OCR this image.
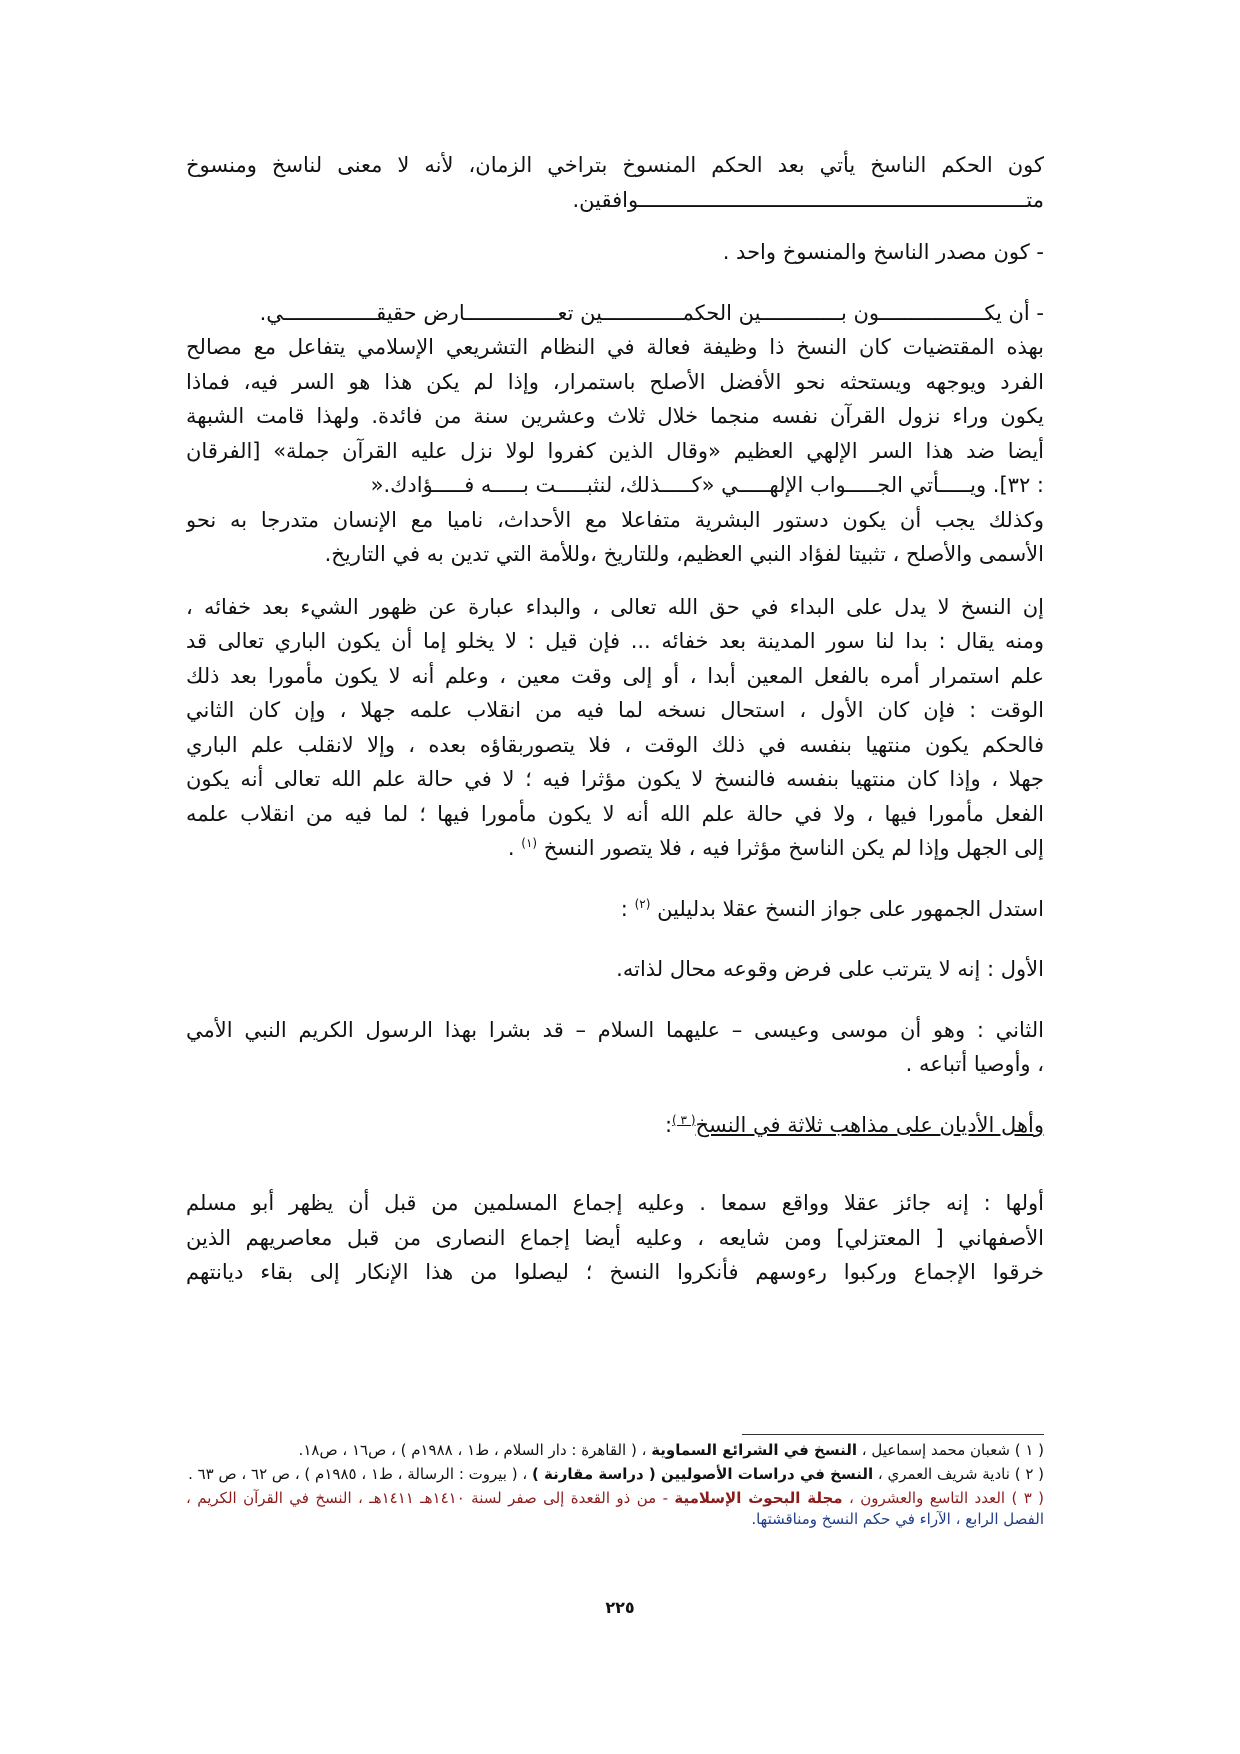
كون الحكم الناسخ يأتي بعد الحكم المنسوخ بتراخي الزمان، لأنه لا معنى لناسخ ومنسوخ
متـــــــــــــــــــــــــــــــــــــــــــــــــــــــــــــــوافقين.

- كون مصدر الناسخ والمنسوخ واحد .

- أن يكـــــــــــــــــون بـــــــــــــين الحكمـــــــــــــين تعـــــــــــــــارض حقيقـــــــــــــــي.
بهذه المقتضيات كان النسخ ذا وظيفة فعالة في النظام التشريعي الإسلامي يتفاعل مع مصالح
الفرد ويوجهه ويستحثه نحو الأفضل الأصلح باستمرار، وإذا لم يكن هذا هو السر فيه، فماذا
يكون وراء نزول القرآن نفسه منجما خلال ثلاث وعشرين سنة من فائدة. ولهذا قامت الشبهة
أيضا ضد هذا السر الإلهي العظيم «وقال الذين كفروا لولا نزل عليه القرآن جملة» [الفرقان
: ٣٢]. ويـــــأتي الجـــــواب الإلهـــــي «كـــــذلك، لنثبـــــت بـــــه فـــــؤادك.«
وكذلك يجب أن يكون دستور البشرية متفاعلا مع الأحداث، ناميا مع الإنسان متدرجا به نحو
الأسمى والأصلح ، تثبيتا لفؤاد النبي العظيم، وللتاريخ ،وللأمة التي تدين به في التاريخ.

إن النسخ لا يدل على البداء في حق الله تعالى ، والبداء عبارة عن ظهور الشيء بعد خفائه ،
ومنه يقال : بدا لنا سور المدينة بعد خفائه ... فإن قيل : لا يخلو إما أن يكون الباري تعالى قد
علم استمرار أمره بالفعل المعين أبدا ، أو إلى وقت معين ، وعلم أنه لا يكون مأمورا بعد ذلك
الوقت : فإن كان الأول ، استحال نسخه لما فيه من انقلاب علمه جهلا ، وإن كان الثاني
فالحكم يكون منتهيا بنفسه في ذلك الوقت ، فلا يتصوربقاؤه بعده ، وإلا لانقلب علم الباري
جهلا ، وإذا كان منتهيا بنفسه فالنسخ لا يكون مؤثرا فيه ؛ لا في حالة علم الله تعالى أنه يكون
الفعل مأمورا فيها ، ولا في حالة علم الله أنه لا يكون مأمورا فيها ؛ لما فيه من انقلاب علمه
إلى الجهل وإذا لم يكن الناسخ مؤثرا فيه ، فلا يتصور النسخ $^{(١)}$ .

استدل الجمهور على جواز النسخ عقلا بدليلين $^{(٢)}$ :

الأول : إنه لا يترتب على فرض وقوعه محال لذاته.

الثاني : وهو أن موسى وعيسى – عليهما السلام – قد بشرا بهذا الرسول الكريم النبي الأمي
، وأوصيا أتباعه .

وأهل الأديان على مذاهب ثلاثة في النسخ$^{( ٣ )}$:

أولها : إنه جائز عقلا وواقع سمعا . وعليه إجماع المسلمين من قبل أن يظهر أبو مسلم
الأصفهاني [ المعتزلي] ومن شايعه ، وعليه أيضا إجماع النصارى من قبل معاصريهم الذين
خرقوا الإجماع وركبوا رءوسهم فأنكروا النسخ ؛ ليصلوا من هذا الإنكار إلى بقاء ديانتهم

( ١ ) شعبان محمد إسماعيل ، النسخ في الشرائع السماوية ، ( القاهرة : دار السلام ، ط١ ، ١٩٨٨م ) ، ص١٦ ، ص١٨.

( ٢ ) نادية شريف العمري ، النسخ في دراسات الأصوليين ( دراسة مقارنة ) ، ( بيروت : الرسالة ، ط١ ، ١٩٨٥م ) ، ص ٦٢ ، ص ٦٣ .

( ٣ ) العدد التاسع والعشرون ، مجلة البحوث الإسلامية - من ذو القعدة إلى صفر لسنة ١٤١٠هـ ١٤١١هـ ، النسخ في القرآن الكريم ، الفصل الرابع ، الآراء في حكم النسخ ومناقشتها.

٢٢٥
